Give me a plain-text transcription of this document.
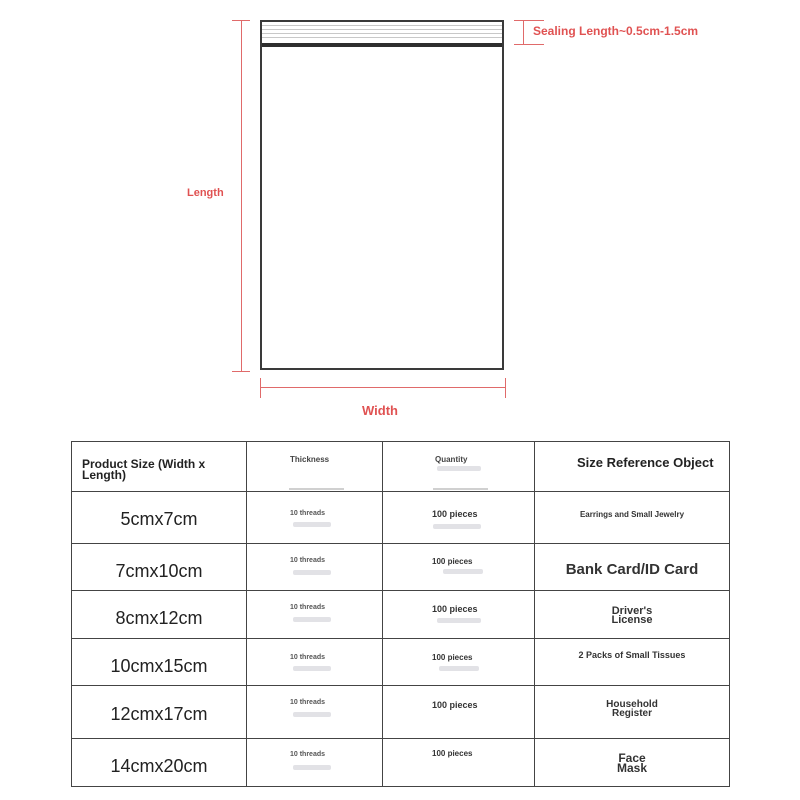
Length
Width
Sealing Length~0.5cm-1.5cm
Product Size (Width x Length)	Thickness	Quantity	Size Reference Object

5cmx7cm	10 threads	100 pieces	Earrings and Small Jewelry

7cmx10cm	10 threads	100 pieces	Bank Card/ID Card

8cmx12cm	10 threads	100 pieces	Driver's License

10cmx15cm	10 threads	100 pieces	2 Packs of Small Tissues

12cmx17cm	10 threads	100 pieces	Household Register

14cmx20cm	10 threads	100 pieces	Face Mask
